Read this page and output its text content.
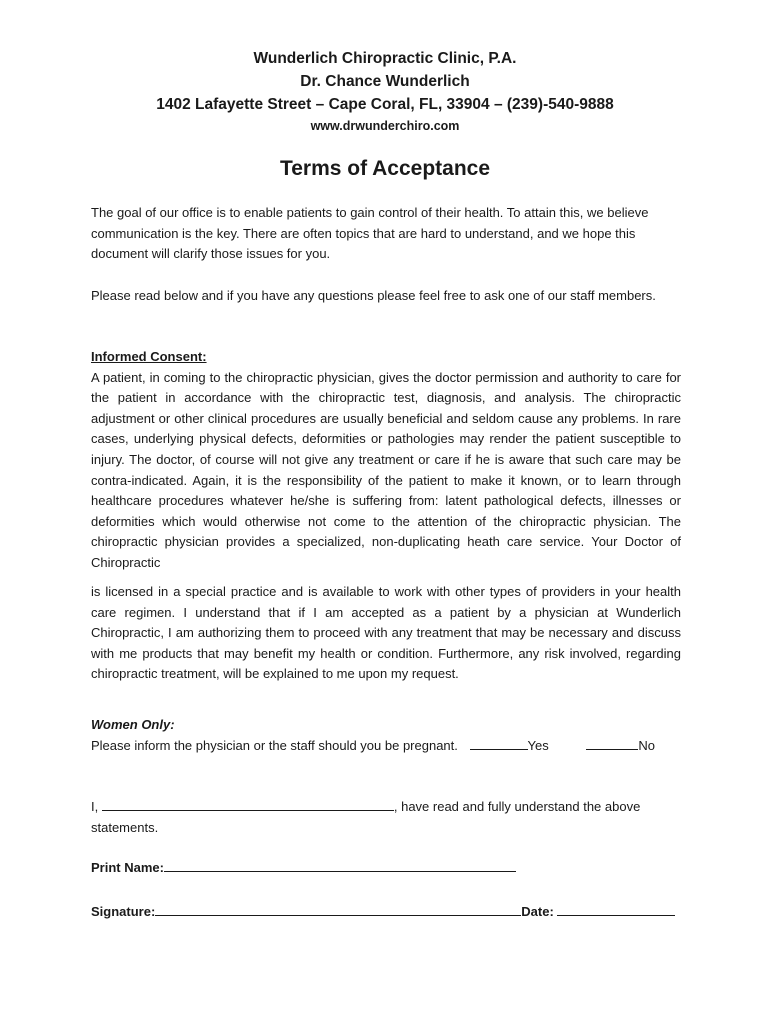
Wunderlich Chiropractic Clinic, P.A.
Dr. Chance Wunderlich
1402 Lafayette Street – Cape Coral, FL, 33904 – (239)-540-9888
www.drwunderchiro.com
Terms of Acceptance
The goal of our office is to enable patients to gain control of their health. To attain this, we believe communication is the key. There are often topics that are hard to understand, and we hope this document will clarify those issues for you.
Please read below and if you have any questions please feel free to ask one of our staff members.
Informed Consent:
A patient, in coming to the chiropractic physician, gives the doctor permission and authority to care for the patient in accordance with the chiropractic test, diagnosis, and analysis. The chiropractic adjustment or other clinical procedures are usually beneficial and seldom cause any problems. In rare cases, underlying physical defects, deformities or pathologies may render the patient susceptible to injury. The doctor, of course will not give any treatment or care if he is aware that such care may be contra-indicated. Again, it is the responsibility of the patient to make it known, or to learn through healthcare procedures whatever he/she is suffering from: latent pathological defects, illnesses or deformities which would otherwise not come to the attention of the chiropractic physician. The chiropractic physician provides a specialized, non-duplicating heath care service. Your Doctor of Chiropractic
is licensed in a special practice and is available to work with other types of providers in your health care regimen. I understand that if I am accepted as a patient by a physician at Wunderlich Chiropractic, I am authorizing them to proceed with any treatment that may be necessary and discuss with me products that may benefit my health or condition. Furthermore, any risk involved, regarding chiropractic treatment, will be explained to me upon my request.
Women Only:
Please inform the physician or the staff should you be pregnant.	Yes	No
I,	, have read and fully understand the above
statements.
Print Name:
Signature:	Date:
